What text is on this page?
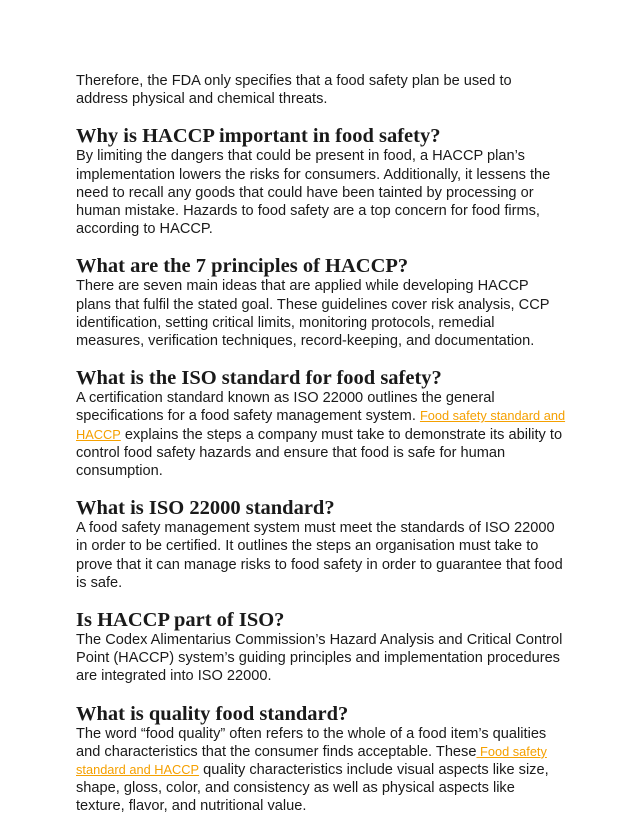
Therefore, the FDA only specifies that a food safety plan be used to address physical and chemical threats.

Why is HACCP important in food safety?

By limiting the dangers that could be present in food, a HACCP plan’s implementation lowers the risks for consumers. Additionally, it lessens the need to recall any goods that could have been tainted by processing or human mistake. Hazards to food safety are a top concern for food firms, according to HACCP.

What are the 7 principles of HACCP?

There are seven main ideas that are applied while developing HACCP plans that fulfil the stated goal. These guidelines cover risk analysis, CCP identification, setting critical limits, monitoring protocols, remedial measures, verification techniques, record-keeping, and documentation.

What is the ISO standard for food safety?

A certification standard known as ISO 22000 outlines the general specifications for a food safety management system. Food safety standard and HACCP explains the steps a company must take to demonstrate its ability to control food safety hazards and ensure that food is safe for human consumption.

What is ISO 22000 standard?

A food safety management system must meet the standards of ISO 22000 in order to be certified. It outlines the steps an organisation must take to prove that it can manage risks to food safety in order to guarantee that food is safe.

Is HACCP part of ISO?

The Codex Alimentarius Commission’s Hazard Analysis and Critical Control Point (HACCP) system’s guiding principles and implementation procedures are integrated into ISO 22000.

What is quality food standard?

The word “food quality” often refers to the whole of a food item’s qualities and characteristics that the consumer finds acceptable. These Food safety standard and HACCP quality characteristics include visual aspects like size, shape, gloss, color, and consistency as well as physical aspects like texture, flavor, and nutritional value.
